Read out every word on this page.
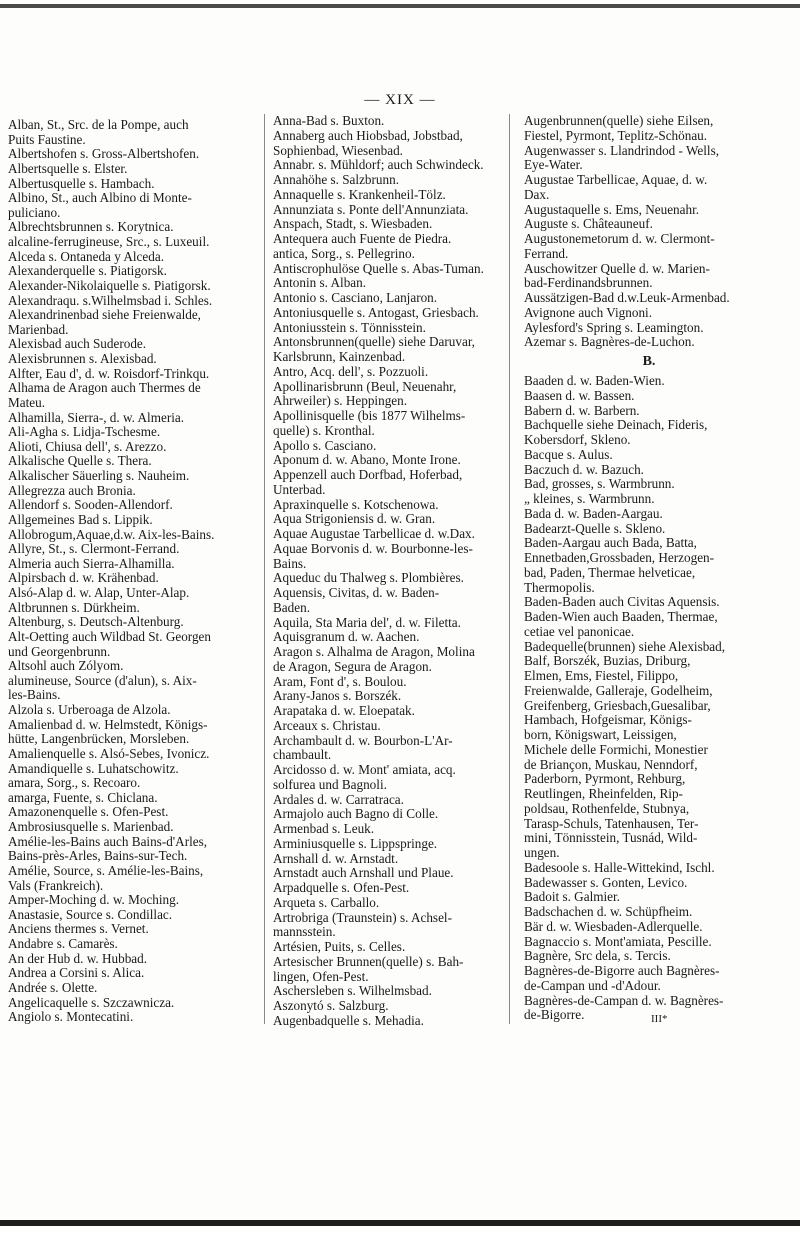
— XIX —
Alban, St., Src. de la Pompe, auch
Puits Faustine.
Albertshofen s. Gross-Albertshofen.
Albertsquelle s. Elster.
Albertusquelle s. Hambach.
Albino, St., auch Albino di Monte-
puliciano.
Albrechtsbrunnen s. Korytnica.
alcaline-ferrugineuse, Src., s. Luxeuil.
Alceda s. Ontaneda y Alceda.
Alexanderquelle s. Piatigorsk.
Alexander-Nikolaiquelle s. Piatigorsk.
Alexandraqu. s.Wilhelmsbad i. Schles.
Alexandrinenbad siehe Freienwalde,
Marienbad.
Alexisbad auch Suderode.
Alexisbrunnen s. Alexisbad.
Alfter, Eau d', d. w. Roisdorf-Trinkqu.
Alhama de Aragon auch Thermes de
Mateu.
Alhamilla, Sierra-, d. w. Almeria.
Ali-Agha s. Lidja-Tschesme.
Alioti, Chiusa dell', s. Arezzo.
Alkalische Quelle s. Thera.
Alkalischer Säuerling s. Nauheim.
Allegrezza auch Bronia.
Allendorf s. Sooden-Allendorf.
Allgemeines Bad s. Lippik.
Allobrogum,Aquae,d.w. Aix-les-Bains.
Allyre, St., s. Clermont-Ferrand.
Almeria auch Sierra-Alhamilla.
Alpirsbach d. w. Krähenbad.
Alsó-Alap d. w. Alap, Unter-Alap.
Altbrunnen s. Dürkheim.
Altenburg, s. Deutsch-Altenburg.
Alt-Oetting auch Wildbad St. Georgen
und Georgenbrunn.
Altsohl auch Zólyom.
alumineuse, Source (d'alun), s. Aix-
les-Bains.
Alzola s. Urberoaga de Alzola.
Amalienbad d. w. Helmstedt, Königs-
hütte, Langenbrücken, Morsleben.
Amalienquelle s. Alsó-Sebes, Ivonicz.
Amandiquelle s. Luhatschowitz.
amara, Sorg., s. Recoaro.
amarga, Fuente, s. Chiclana.
Amazonenquelle s. Ofen-Pest.
Ambrosiusquelle s. Marienbad.
Amélie-les-Bains auch Bains-d'Arles,
Bains-près-Arles, Bains-sur-Tech.
Amélie, Source, s. Amélie-les-Bains,
Vals (Frankreich).
Amper-Moching d. w. Moching.
Anastasie, Source s. Condillac.
Anciens thermes s. Vernet.
Andabre s. Camarès.
An der Hub d. w. Hubbad.
Andrea a Corsini s. Alica.
Andrée s. Olette.
Angelicaquelle s. Szczawnicza.
Angiolo s. Montecatini.
Anna-Bad s. Buxton.
Annaberg auch Hiobsbad, Jobstbad,
Sophienbad, Wiesenbad.
Annabr. s. Mühldorf; auch Schwindeck.
Annahöhe s. Salzbrunn.
Annaquelle s. Krankenheil-Tölz.
Annunziata s. Ponte dell'Annunziata.
Anspach, Stadt, s. Wiesbaden.
Antequera auch Fuente de Piedra.
antica, Sorg., s. Pellegrino.
Antiscrophulöse Quelle s. Abas-Tuman.
Antonin s. Alban.
Antonio s. Casciano, Lanjaron.
Antoniusquelle s. Antogast, Griesbach.
Antoniusstein s. Tönnisstein.
Antonsbrunnen(quelle) siehe Daruvar,
Karlsbrunn, Kainzenbad.
Antro, Acq. dell', s. Pozzuoli.
Apollinarisbrunn (Beul, Neuenahr,
Ahrweiler) s. Heppingen.
Apollinisquelle (bis 1877 Wilhelms-
quelle) s. Kronthal.
Apollo s. Casciano.
Aponum d. w. Abano, Monte Irone.
Appenzell auch Dorfbad, Hoferbad,
Unterbad.
Apraxinquelle s. Kotschenowa.
Aqua Strigoniensis d. w. Gran.
Aquae Augustae Tarbellicae d. w.Dax.
Aquae Borvonis d. w. Bourbonne-les-
Bains.
Aqueduc du Thalweg s. Plombières.
Aquensis, Civitas, d. w. Baden-
Baden.
Aquila, Sta Maria del', d. w. Filetta.
Aquisgranum d. w. Aachen.
Aragon s. Alhalma de Aragon, Molina
de Aragon, Segura de Aragon.
Aram, Font d', s. Boulou.
Arany-Janos s. Borszék.
Arapataka d. w. Eloepatak.
Arceaux s. Christau.
Archambault d. w. Bourbon-L'Ar-
chambault.
Arcidosso d. w. Mont' amiata, acq.
solfurea und Bagnoli.
Ardales d. w. Carratraca.
Armajolo auch Bagno di Colle.
Armenbad s. Leuk.
Arminiusquelle s. Lippspringe.
Arnshall d. w. Arnstadt.
Arnstadt auch Arnshall und Plaue.
Arpadquelle s. Ofen-Pest.
Arqueta s. Carballo.
Artrobriga (Traunstein) s. Achsel-
mannsstein.
Artésien, Puits, s. Celles.
Artesischer Brunnen(quelle) s. Bah-
lingen, Ofen-Pest.
Aschersleben s. Wilhelmsbad.
Aszonytó s. Salzburg.
Augenbadquelle s. Mehadia.
Augenbrunnen(quelle) siehe Eilsen,
Fiestel, Pyrmont, Teplitz-Schönau.
Augenwasser s. Llandrindod - Wells,
Eye-Water.
Augustae Tarbellicae, Aquae, d. w.
Dax.
Augustaquelle s. Ems, Neuenahr.
Auguste s. Châteauneuf.
Augustonemetorum d. w. Clermont-
Ferrand.
Auschowitzer Quelle d. w. Marien-
bad-Ferdinandsbrunnen.
Aussätzigen-Bad d.w.Leuk-Armenbad.
Avignone auch Vignoni.
Aylesford's Spring s. Leamington.
Azemar s. Bagnères-de-Luchon.
B.
Baaden d. w. Baden-Wien.
Baasen d. w. Bassen.
Babern d. w. Barbern.
Bachquelle siehe Deinach, Fideris,
Kobersdorf, Skleno.
Bacque s. Aulus.
Baczuch d. w. Bazuch.
Bad, grosses, s. Warmbrunn.
„ kleines, s. Warmbrunn.
Bada d. w. Baden-Aargau.
Badearzt-Quelle s. Skleno.
Baden-Aargau auch Bada, Batta,
Ennetbaden,Grossbaden, Herzogen-
bad, Paden, Thermae helveticae,
Thermopolis.
Baden-Baden auch Civitas Aquensis.
Baden-Wien auch Baaden, Thermae,
cetiae vel panonicae.
Badequelle(brunnen) siehe Alexisbad,
Balf, Borszék, Buzias, Driburg,
Elmen, Ems, Fiestel, Filippo,
Freienwalde, Galleraje, Godelheim,
Greifenberg, Griesbach,Guesalibar,
Hambach, Hofgeismar, Königs-
born, Königswart, Leissigen,
Michele delle Formichi, Monestier
de Briançon, Muskau, Nenndorf,
Paderborn, Pyrmont, Rehburg,
Reutlingen, Rheinfelden, Rip-
poldsau, Rothenfelde, Stubnya,
Tarasp-Schuls, Tatenhausen, Ter-
mini, Tönnisstein, Tusnád, Wild-
ungen.
Badesoole s. Halle-Wittekind, Ischl.
Badewasser s. Gonten, Levico.
Badoit s. Galmier.
Badschachen d. w. Schüpfheim.
Bär d. w. Wiesbaden-Adlerquelle.
Bagnaccio s. Mont'amiata, Pescille.
Bagnère, Src dela, s. Tercis.
Bagnères-de-Bigorre auch Bagnères-
de-Campan und -d'Adour.
Bagnères-de-Campan d. w. Bagnères-
de-Bigorre.	III*
